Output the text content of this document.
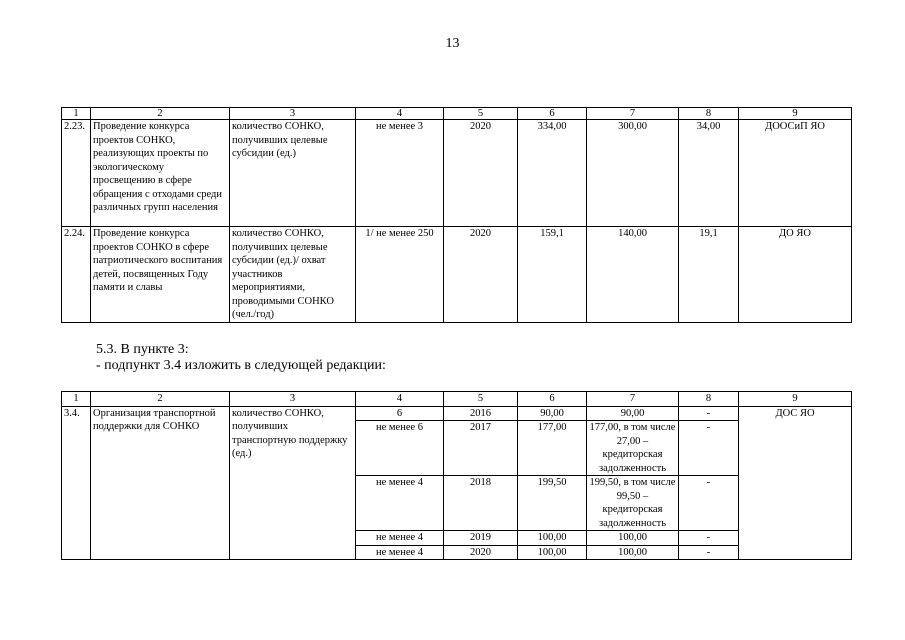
13
1	2	3	4	5	6	7	8	9
2.23.	Проведение конкурса проектов СОНКО, реализующих проекты по экологическому просвещению в сфере обращения с отходами среди различных групп населения	количество СОНКО, получивших целевые субсидии (ед.)	не менее 3	2020	334,00	300,00	34,00	ДООСиП ЯО
2.24.	Проведение конкурса проектов СОНКО в сфере патриотического воспитания детей, посвященных Году памяти и славы	количество СОНКО, получивших целевые субсидии (ед.)/ охват участников мероприятиями, проводимыми СОНКО (чел./год)	1/ не менее 250	2020	159,1	140,00	19,1	ДО ЯО
5.3. В пункте 3:
- подпункт 3.4 изложить в следующей редакции:
1	2	3	4	5	6	7	8	9
3.4.	Организация транспортной поддержки для СОНКО	количество СОНКО, получивших транспортную поддержку (ед.)	6	2016	90,00	90,00	-	ДОС ЯО
			не менее 6	2017	177,00	177,00, в том числе 27,00 – кредиторская задолженность	-	
			не менее 4	2018	199,50	199,50, в том числе 99,50 – кредиторская задолженность	-	
			не менее 4	2019	100,00	100,00	-	
			не менее 4	2020	100,00	100,00	-	
